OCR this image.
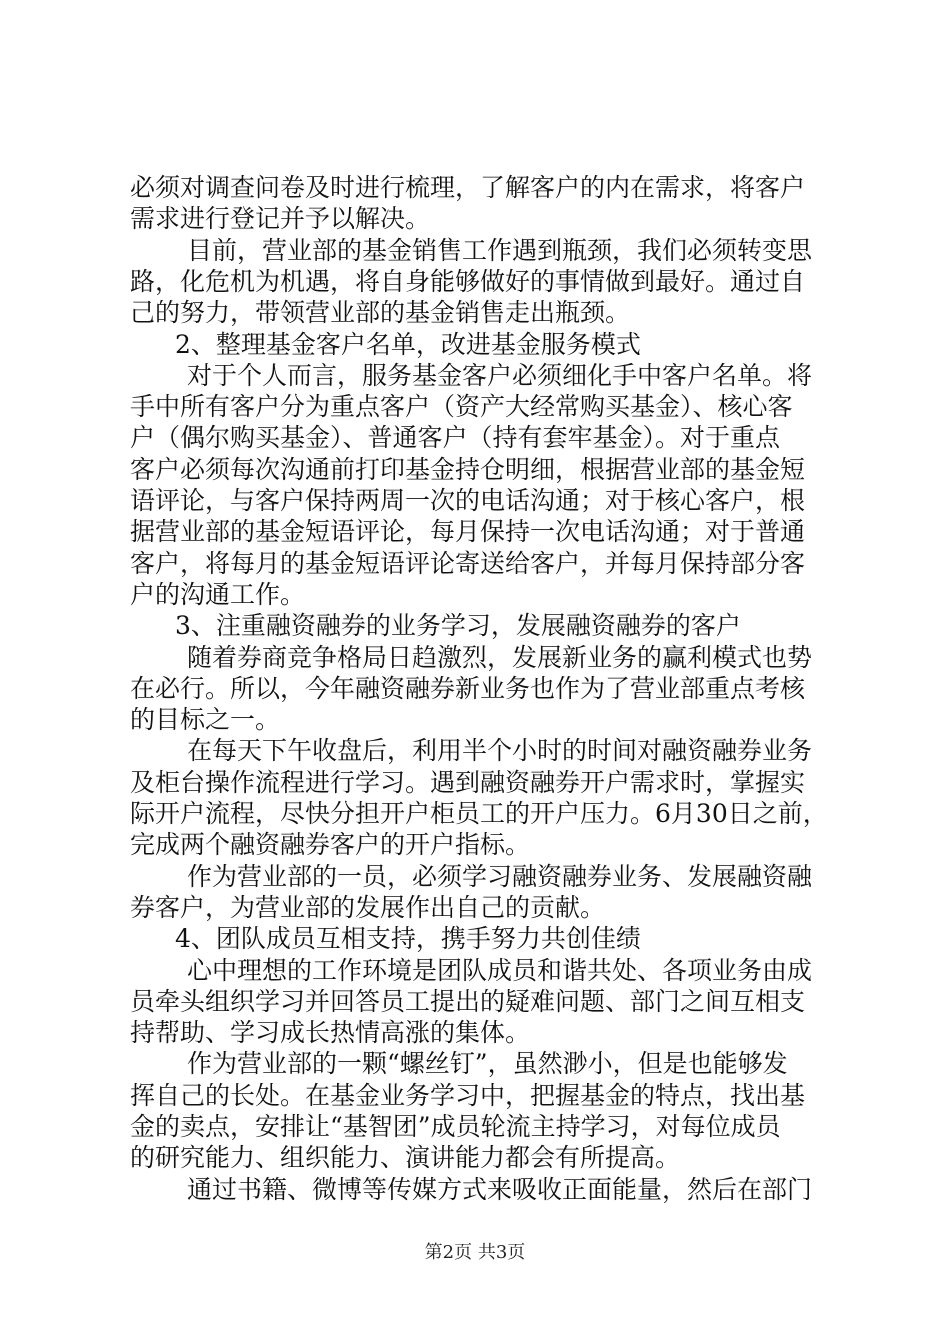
必须对调查问卷及时进行梳理，了解客户的内在需求，将客户
需求进行登记并予以解决。
目前，营业部的基金销售工作遇到瓶颈，我们必须转变思
路，化危机为机遇，将自身能够做好的事情做到最好。通过自
己的努力，带领营业部的基金销售走出瓶颈。
2、整理基金客户名单，改进基金服务模式
对于个人而言，服务基金客户必须细化手中客户名单。将
手中所有客户分为重点客户（资产大经常购买基金）、核心客
户（偶尔购买基金）、普通客户（持有套牢基金）。对于重点
客户必须每次沟通前打印基金持仓明细，根据营业部的基金短
语评论，与客户保持两周一次的电话沟通；对于核心客户，根
据营业部的基金短语评论，每月保持一次电话沟通；对于普通
客户，将每月的基金短语评论寄送给客户，并每月保持部分客
户的沟通工作。
3、注重融资融券的业务学习，发展融资融券的客户
随着券商竞争格局日趋激烈，发展新业务的赢利模式也势
在必行。所以，今年融资融券新业务也作为了营业部重点考核
的目标之一。
在每天下午收盘后，利用半个小时的时间对融资融券业务
及柜台操作流程进行学习。遇到融资融券开户需求时，掌握实
际开户流程，尽快分担开户柜员工的开户压力。6月30日之前，
完成两个融资融券客户的开户指标。
作为营业部的一员，必须学习融资融券业务、发展融资融
券客户，为营业部的发展作出自己的贡献。
4、团队成员互相支持，携手努力共创佳绩
心中理想的工作环境是团队成员和谐共处、各项业务由成
员牵头组织学习并回答员工提出的疑难问题、部门之间互相支
持帮助、学习成长热情高涨的集体。
作为营业部的一颗“螺丝钉”，虽然渺小，但是也能够发
挥自己的长处。在基金业务学习中，把握基金的特点，找出基
金的卖点，安排让“基智团”成员轮流主持学习，对每位成员
的研究能力、组织能力、演讲能力都会有所提高。
通过书籍、微博等传媒方式来吸收正面能量，然后在部门
第2页 共3页
